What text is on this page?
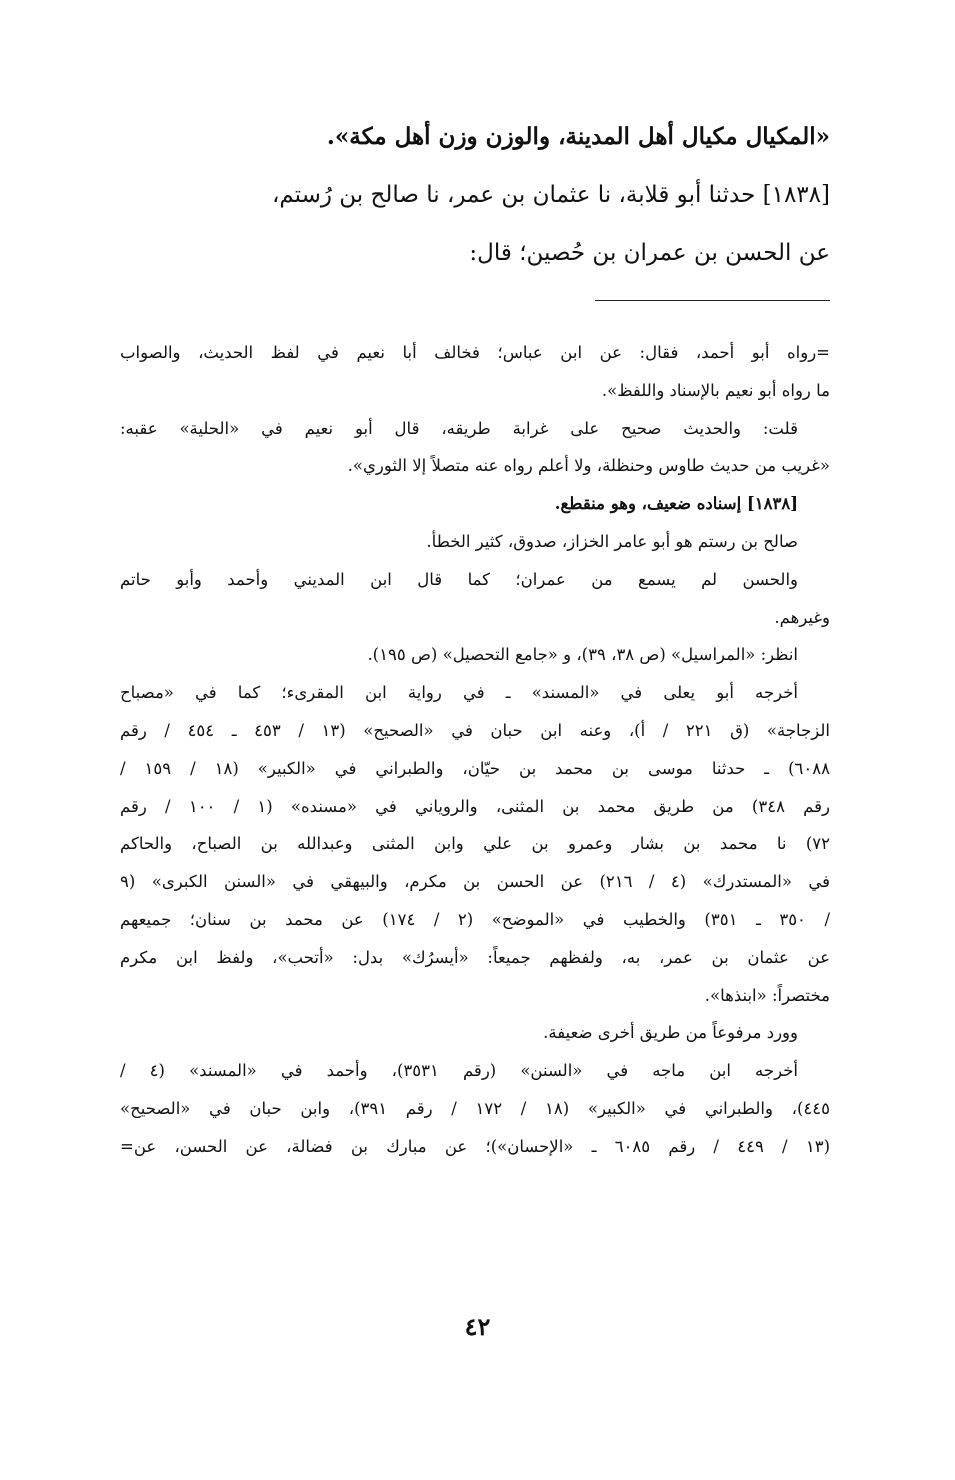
«المكيال مكيال أهل المدينة، والوزن وزن أهل مكة».
[١٨٣٨] حدثنا أبو قلابة، نا عثمان بن عمر، نا صالح بن رُستم،
عن الحسن بن عمران بن حُصين؛ قال:
=رواه أبو أحمد، فقال: عن ابن عباس؛ فخالف أبا نعيم في لفظ الحديث، والصواب
ما رواه أبو نعيم بالإسناد واللفظ».
قلت: والحديث صحيح على غرابة طريقه، قال أبو نعيم في «الحلية» عقبه:
«غريب من حديث طاوس وحنظلة، ولا أعلم رواه عنه متصلاً إلا الثوري».
[١٨٣٨] إسناده ضعيف، وهو منقطع.
صالح بن رستم هو أبو عامر الخزاز، صدوق، كثير الخطأ.
والحسن لم يسمع من عمران؛ كما قال ابن المديني وأحمد وأبو حاتم
وغيرهم.
انظر: «المراسيل» (ص ٣٨، ٣٩)، و «جامع التحصيل» (ص ١٩٥).
أخرجه أبو يعلى في «المسند» ـ في رواية ابن المقرىء؛ كما في «مصباح
الزجاجة» (ق ٢٢١ / أ)، وعنه ابن حبان في «الصحيح» (١٣ / ٤٥٣ ـ ٤٥٤ / رقم
٦٠٨٨) ـ حدثنا موسى بن محمد بن حيّان، والطبراني في «الكبير» (١٨ / ١٥٩ /
رقم ٣٤٨) من طريق محمد بن المثنى، والروياني في «مسنده» (١ / ١٠٠ / رقم
٧٢) نا محمد بن بشار وعمرو بن علي وابن المثنى وعبدالله بن الصباح، والحاكم
في «المستدرك» (٤ / ٢١٦) عن الحسن بن مكرم، والبيهقي في «السنن الكبرى» (٩
/ ٣٥٠ ـ ٣٥١) والخطيب في «الموضح» (٢ / ١٧٤) عن محمد بن سنان؛ جميعهم
عن عثمان بن عمر، به، ولفظهم جميعاً: «أيسرُك» بدل: «أتحب»، ولفظ ابن مكرم
مختصراً: «ابنذها».
وورد مرفوعاً من طريق أخرى ضعيفة.
أخرجه ابن ماجه في «السنن» (رقم ٣٥٣١)، وأحمد في «المسند» (٤ /
٤٤٥)، والطبراني في «الكبير» (١٨ / ١٧٢ / رقم ٣٩١)، وابن حبان في «الصحيح»
(١٣ / ٤٤٩ / رقم ٦٠٨٥ ـ «الإحسان»)؛ عن مبارك بن فضالة، عن الحسن، عن=
٤٢
